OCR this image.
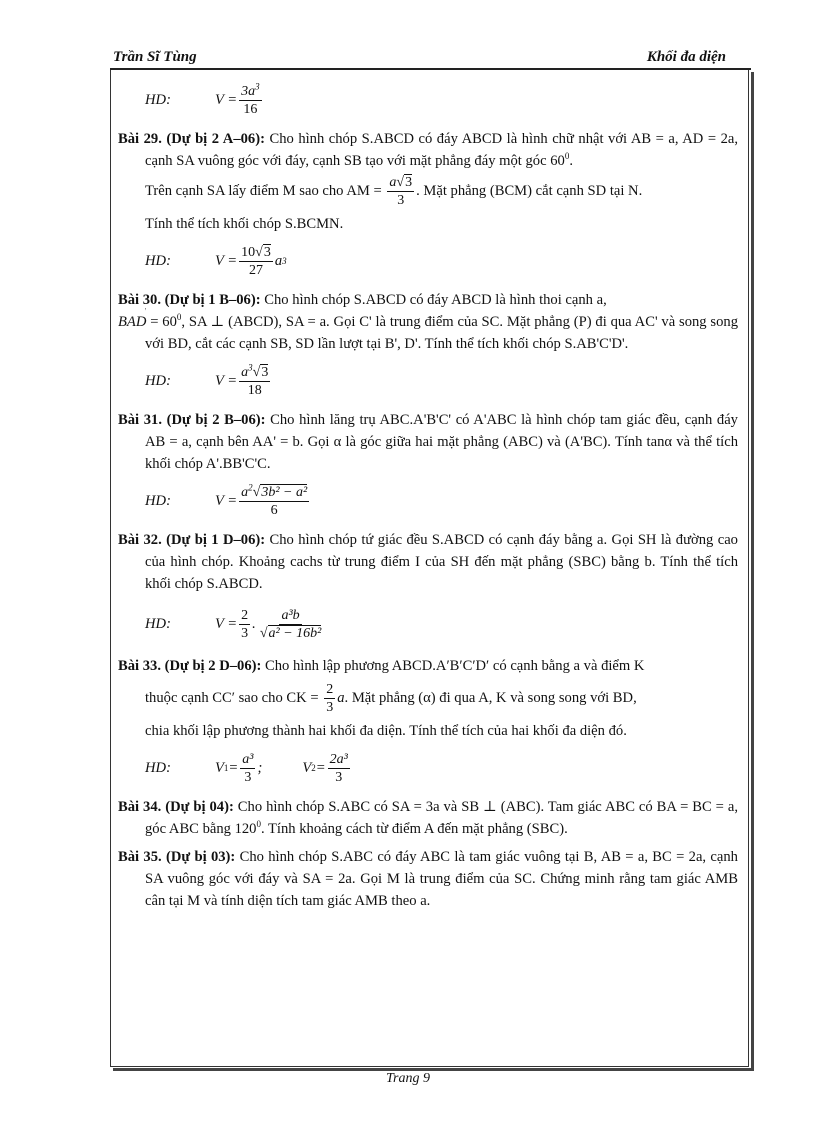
Trần Sĩ Tùng	Khối đa diện
HD:	$V = \frac{3a^3}{16}$

Bài 29. (Dự bị 2 A–06): Cho hình chóp S.ABCD có đáy ABCD là hình chữ nhật với AB = a, AD = 2a, cạnh SA vuông góc với đáy, cạnh SB tạo với mặt phẳng đáy một góc $60^0$.

Trên cạnh SA lấy điểm M sao cho AM = $\frac{a√3}{3}$ . Mặt phẳng (BCM) cắt cạnh SD tại N.

Tính thể tích khối chóp S.BCMN.

HD:	$V = \frac{10√3}{27}$ a 3

Bài 30. (Dự bị 1 B–06): Cho hình chóp S.ABCD có đáy ABCD là hình thoi cạnh a,
BAD = $60^0$, SA ⊥ (ABCD), SA = a. Gọi C' là trung điểm của SC. Mặt phẳng (P) đi qua AC' và song song với BD, cắt các cạnh SB, SD lần lượt tại B', D'. Tính thể tích khối chóp S.AB'C'D'.

HD:	$V = \frac{a^3√3}{18}$

Bài 31. (Dự bị 2 B–06): Cho hình lăng trụ ABC.A'B'C' có A'ABC là hình chóp tam giác đều, cạnh đáy AB = a, cạnh bên AA' = b. Gọi α là góc giữa hai mặt phẳng (ABC) và (A'BC). Tính tanα và thể tích khối chóp A'.BB'C'C.

HD:	$V = \frac{a^2√3b^2 - a^2}{6}$

Bài 32. (Dự bị 1 D–06): Cho hình chóp tứ giác đều S.ABCD có cạnh đáy bằng a. Gọi SH là đường cao của hình chóp. Khoảng cachs từ trung điểm I của SH đến mặt phẳng (SBC) bằng b. Tính thể tích khối chóp S.ABCD.

HD:	$V = \frac{2}{3}$ . $\frac{\text{a³b}}{\text{√a² − 16b²}}$

Bài 33. (Dự bị 2 D–06): Cho hình lập phương ABCD.A′B′C′D′ có cạnh bằng a và điểm K

thuộc cạnh CC′ sao cho CK = $\frac{2}{3} a$. Mặt phẳng (α) đi qua A, K và song song với BD,

chia khối lập phương thành hai khối đa diện. Tính thể tích của hai khối đa diện đó.

HD:	V $1 = \frac{\text{a³}}{3}$ ;	V $2 = \frac{\text{2a³}}{3}$

Bài 34. (Dự bị 04): Cho hình chóp S.ABC có SA = 3a và SB ⊥ (ABC). Tam giác ABC có BA = BC = a, góc ABC bằng $120^0$. Tính khoảng cách từ điểm A đến mặt phẳng (SBC).

Bài 35. (Dự bị 03): Cho hình chóp S.ABC có đáy ABC là tam giác vuông tại B, AB = a, BC = 2a, cạnh SA vuông góc với đáy và SA = 2a. Gọi M là trung điểm của SC. Chứng minh rằng tam giác AMB cân tại M và tính diện tích tam giác AMB theo a.

Trang 9
